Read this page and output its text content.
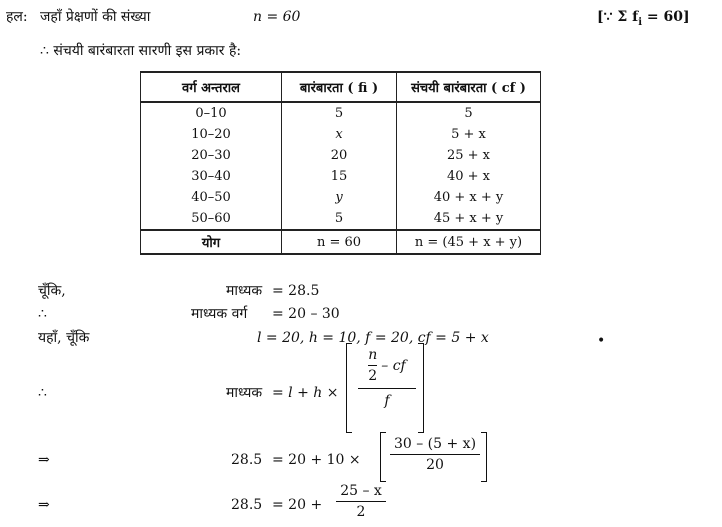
हल: जहाँ प्रेक्षणों की संख्या	n = 60	[∵ Σ $f_i = 60$]
∴ संचयी बारंबारता सारणी इस प्रकार है:
वर्ग अन्तराल	बारंबारता ( fi )	संचयी बारंबारता ( cf )
0–10	5	5
10–20	x	5 + x
20–30	20	25 + x
30–40	15	40 + x
40–50	y	40 + x + y
50–60	5	45 + x + y
योग	n = 60	n = (45 + x + y)
चूँकि,	माध्यक = 28.5
∴	माध्यक वर्ग = 20 – 30
यहाँ, चूँकि	l = 20, h = 10, f = 20, cf = 5 + x	•
∴	माध्यक = l + h ×
$\frac{n}{2}$ – cf
f
⇒	28.5 = 20 + 10 ×
30 – (5 + x)
20
⇒	28.5 = 20 +
25 – x
2
